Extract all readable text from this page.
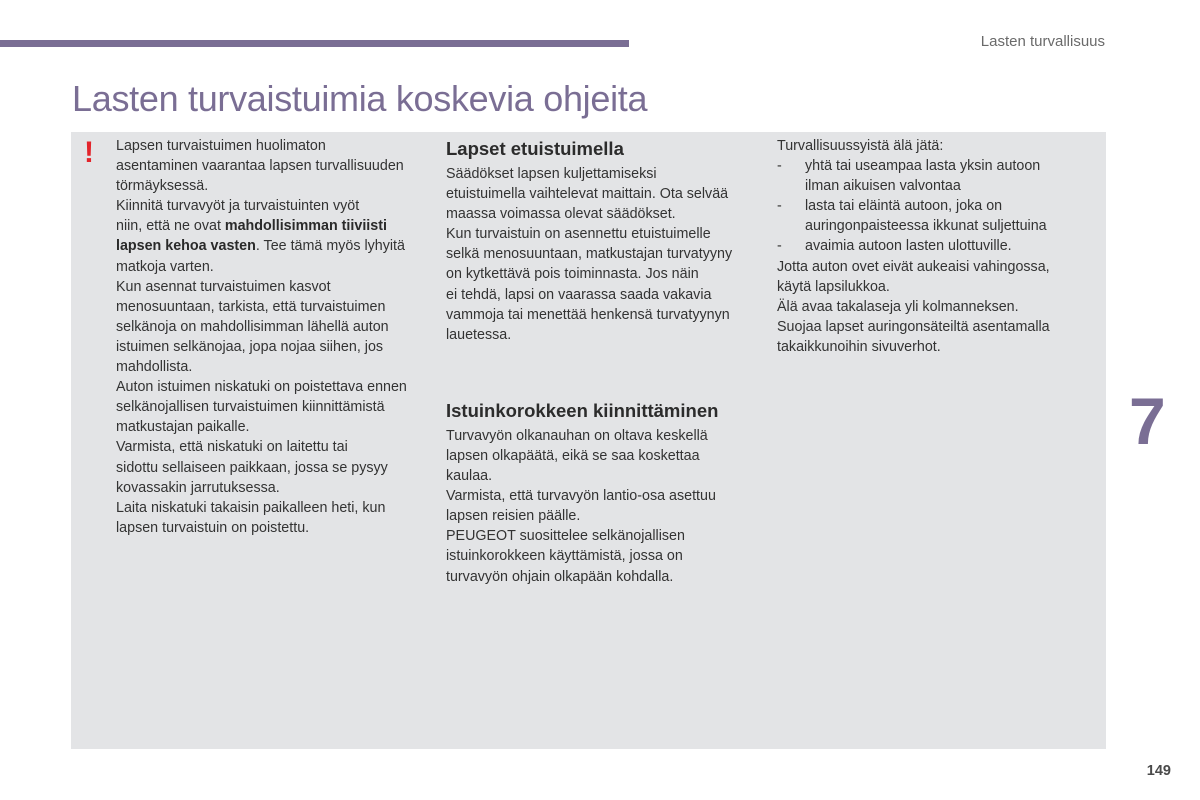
Lasten turvallisuus
Lasten turvaistuimia koskevia ohjeita
! Lapsen turvaistuimen huolimaton

asentaminen vaarantaa lapsen turvallisuuden

törmäyksessä.

Kiinnitä turvavyöt ja turvaistuinten vyöt

niin, että ne ovat mahdollisimman tiiviisti

lapsen kehoa vasten. Tee tämä myös lyhyitä

matkoja varten.

Kun asennat turvaistuimen kasvot

menosuuntaan, tarkista, että turvaistuimen

selkänoja on mahdollisimman lähellä auton

istuimen selkänojaa, jopa nojaa siihen, jos

mahdollista.

Auton istuimen niskatuki on poistettava ennen

selkänojallisen turvaistuimen kiinnittämistä

matkustajan paikalle.

Varmista, että niskatuki on laitettu tai

sidottu sellaiseen paikkaan, jossa se pysyy

kovassakin jarrutuksessa.

Laita niskatuki takaisin paikalleen heti, kun

lapsen turvaistuin on poistettu.

Lapset etuistuimella

Säädökset lapsen kuljettamiseksi

etuistuimella vaihtelevat maittain. Ota selvää

maassa voimassa olevat säädökset.

Kun turvaistuin on asennettu etuistuimelle

selkä menosuuntaan, matkustajan turvatyyny

on kytkettävä pois toiminnasta. Jos näin

ei tehdä, lapsi on vaarassa saada vakavia

vammoja tai menettää henkensä turvatyynyn

lauetessa.

Istuinkorokkeen kiinnittäminen

Turvavyön olkanauhan on oltava keskellä

lapsen olkapäätä, eikä se saa koskettaa

kaulaa.

Varmista, että turvavyön lantio-osa asettuu

lapsen reisien päälle.

PEUGEOT suosittelee selkänojallisen

istuinkorokkeen käyttämistä, jossa on

turvavyön ohjain olkapään kohdalla.

Turvallisuussyistä älä jätä:

- yhtä tai useampaa lasta yksin autoon

ilman aikuisen valvontaa

- lasta tai eläintä autoon, joka on

auringonpaisteessa ikkunat suljettuina

- avaimia autoon lasten ulottuville.

Jotta auton ovet eivät aukeaisi vahingossa,

käytä lapsilukkoa.

Älä avaa takalaseja yli kolmanneksen.

Suojaa lapset auringonsäteiltä asentamalla

takaikkunoihin sivuverhot.

7
149
